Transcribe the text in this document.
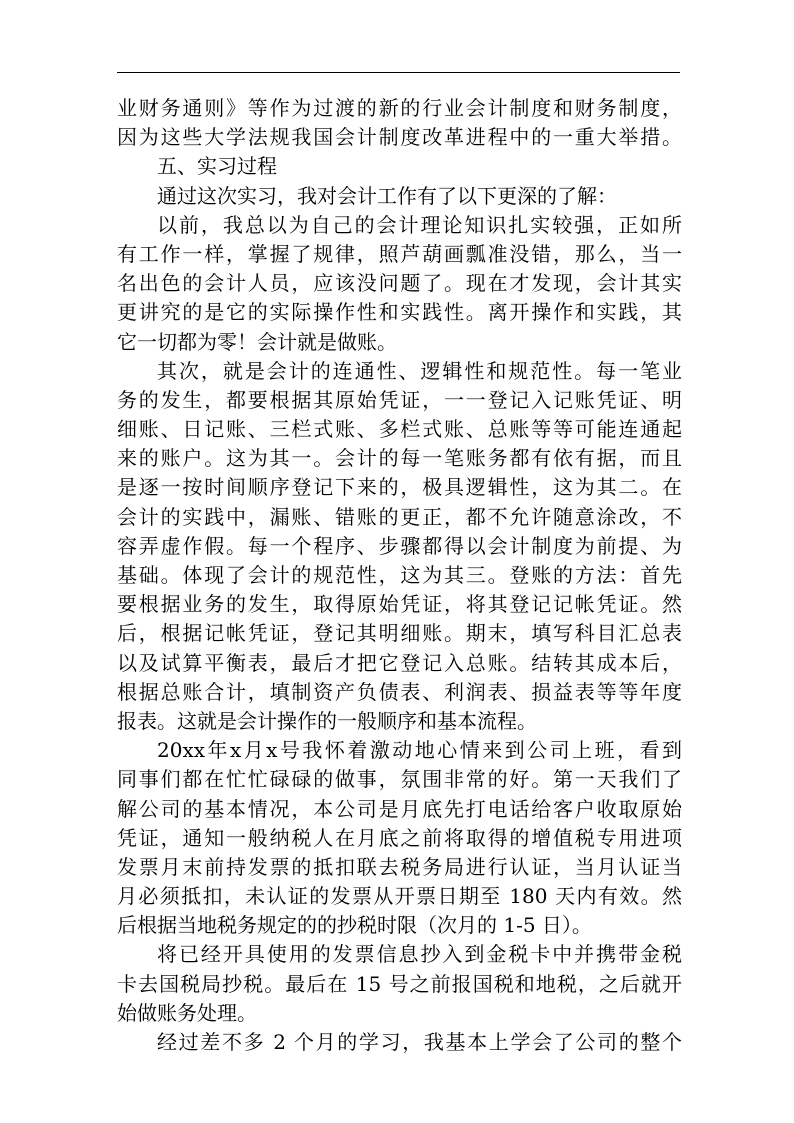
业财务通则》等作为过渡的新的行业会计制度和财务制度，
因为这些大学法规我国会计制度改革进程中的一重大举措。
五、实习过程
通过这次实习，我对会计工作有了以下更深的了解：
以前，我总以为自己的会计理论知识扎实较强，正如所
有工作一样，掌握了规律，照芦葫画瓢准没错，那么，当一
名出色的会计人员，应该没问题了。现在才发现，会计其实
更讲究的是它的实际操作性和实践性。离开操作和实践，其
它一切都为零！会计就是做账。
其次，就是会计的连通性、逻辑性和规范性。每一笔业
务的发生，都要根据其原始凭证，一一登记入记账凭证、明
细账、日记账、三栏式账、多栏式账、总账等等可能连通起
来的账户。这为其一。会计的每一笔账务都有依有据，而且
是逐一按时间顺序登记下来的，极具逻辑性，这为其二。在
会计的实践中，漏账、错账的更正，都不允许随意涂改，不
容弄虚作假。每一个程序、步骤都得以会计制度为前提、为
基础。体现了会计的规范性，这为其三。登账的方法：首先
要根据业务的发生，取得原始凭证，将其登记记帐凭证。然
后，根据记帐凭证，登记其明细账。期末，填写科目汇总表
以及试算平衡表，最后才把它登记入总账。结转其成本后，
根据总账合计，填制资产负债表、利润表、损益表等等年度
报表。这就是会计操作的一般顺序和基本流程。
20xx年x月x号我怀着激动地心情来到公司上班，看到
同事们都在忙忙碌碌的做事，氛围非常的好。第一天我们了
解公司的基本情况，本公司是月底先打电话给客户收取原始
凭证，通知一般纳税人在月底之前将取得的增值税专用进项
发票月末前持发票的抵扣联去税务局进行认证，当月认证当
月必须抵扣，未认证的发票从开票日期至 180 天内有效。然
后根据当地税务规定的的抄税时限（次月的 1-5 日）。
将已经开具使用的发票信息抄入到金税卡中并携带金税
卡去国税局抄税。最后在 15 号之前报国税和地税，之后就开
始做账务处理。
经过差不多 2 个月的学习，我基本上学会了公司的整个
